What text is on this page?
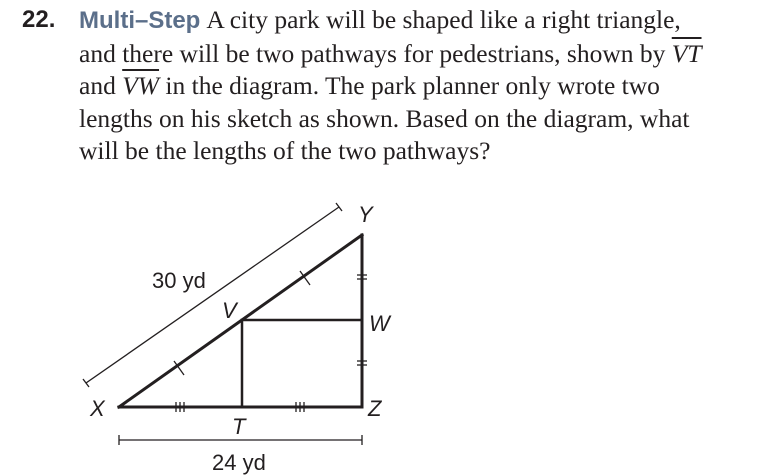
22. Multi–Step A city park will be shaped like a right triangle,
and there will be two pathways for pedestrians, shown by $\overline{VT}$
and $\overline{VW}$ in the diagram. The park planner only wrote two
lengths on his sketch as shown. Based on the diagram, what
will be the lengths of the two pathways?
X
Y
V
W
T
Z
30 yd
24 yd
